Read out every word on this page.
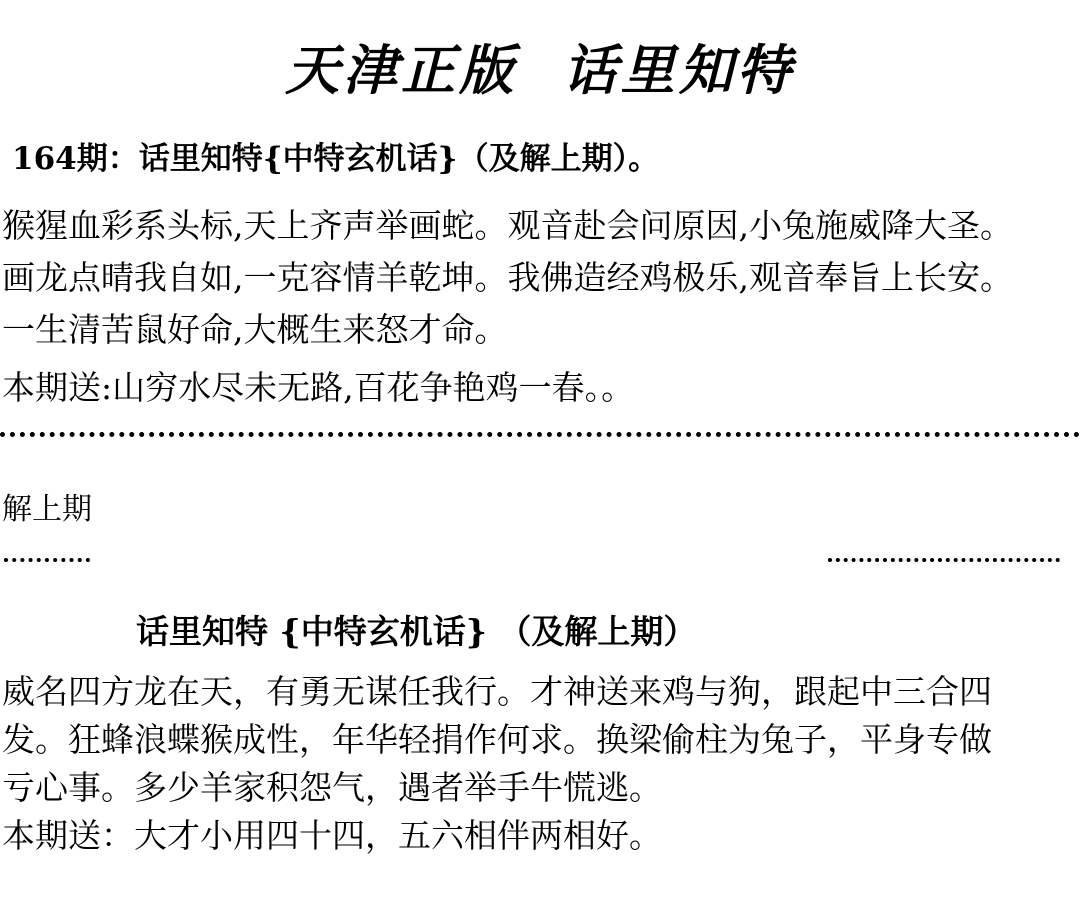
天津正版  话里知特
164期：话里知特{中特玄机话}（及解上期）。
猴猩血彩系头标,天上齐声举画蛇。观音赴会问原因,小兔施威降大圣。
画龙点晴我自如,一克容情羊乾坤。我佛造经鸡极乐,观音奉旨上长安。
一生清苦鼠好命,大概生来怒才命。
本期送:山穷水尽未无路,百花争艳鸡一春。。
解上期
话里知特 {中特玄机话} （及解上期）
威名四方龙在天，有勇无谋任我行。才神送来鸡与狗，跟起中三合四
发。狂蜂浪蝶猴成性，年华轻捐作何求。换梁偷柱为兔子，平身专做
亏心事。多少羊家积怨气，遇者举手牛慌逃。
本期送：大才小用四十四，五六相伴两相好。
